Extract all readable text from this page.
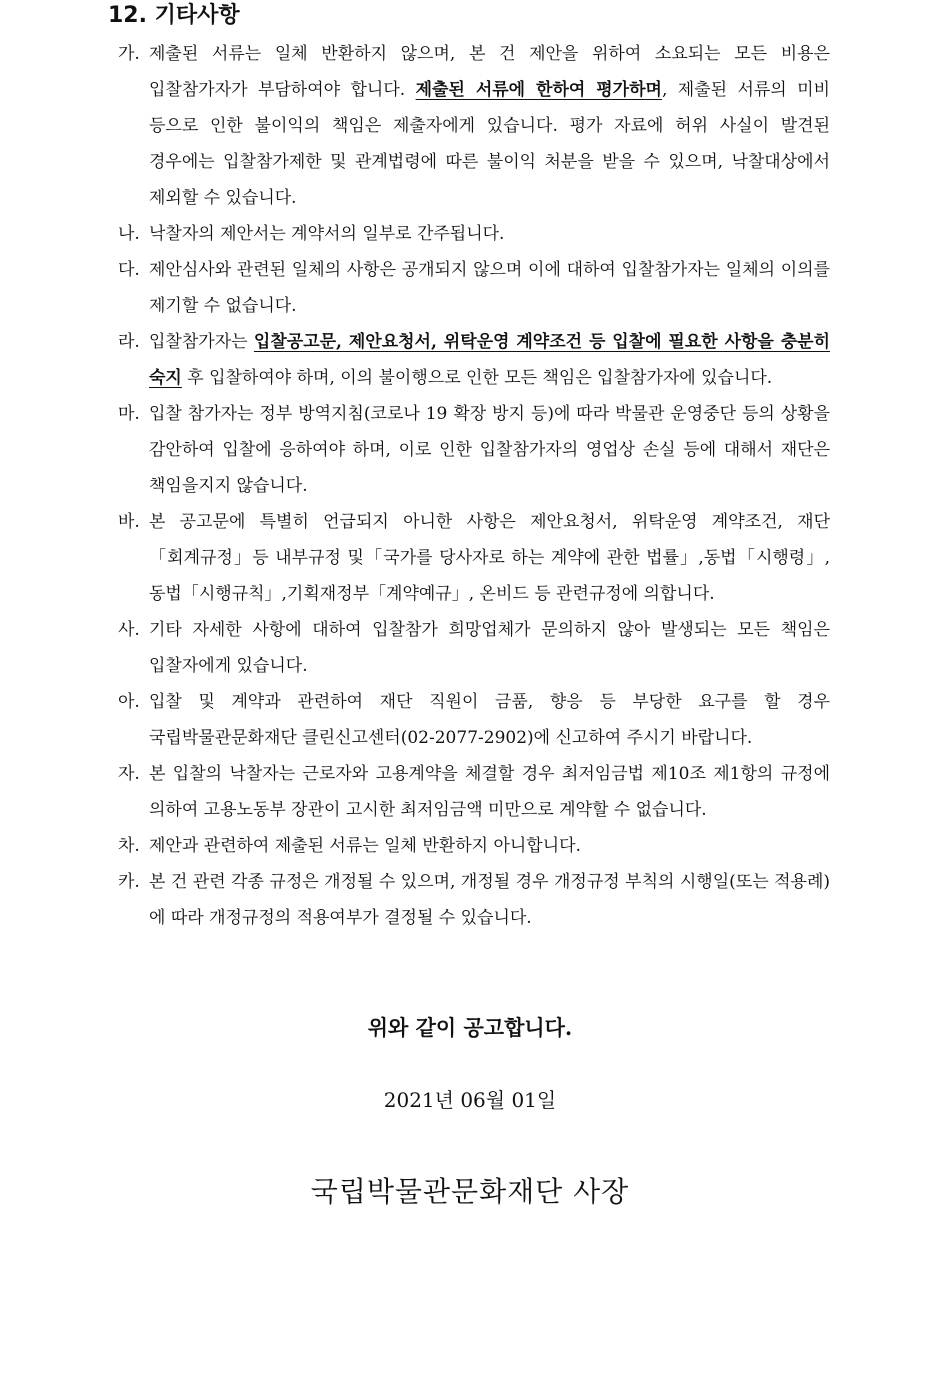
12. 기타사항
가. 제출된 서류는 일체 반환하지 않으며, 본 건 제안을 위하여 소요되는 모든 비용은 입찰참가자가 부담하여야 합니다. 제출된 서류에 한하여 평가하며, 제출된 서류의 미비 등으로 인한 불이익의 책임은 제출자에게 있습니다. 평가 자료에 허위 사실이 발견된 경우에는 입찰참가제한 및 관계법령에 따른 불이익 처분을 받을 수 있으며, 낙찰대상에서 제외할 수 있습니다.
나. 낙찰자의 제안서는 계약서의 일부로 간주됩니다.
다. 제안심사와 관련된 일체의 사항은 공개되지 않으며 이에 대하여 입찰참가자는 일체의 이의를 제기할 수 없습니다.
라. 입찰참가자는 입찰공고문, 제안요청서, 위탁운영 계약조건 등 입찰에 필요한 사항을 충분히 숙지 후 입찰하여야 하며, 이의 불이행으로 인한 모든 책임은 입찰참가자에 있습니다.
마. 입찰 참가자는 정부 방역지침(코로나 19 확장 방지 등)에 따라 박물관 운영중단 등의 상황을 감안하여 입찰에 응하여야 하며, 이로 인한 입찰참가자의 영업상 손실 등에 대해서 재단은 책임을지지 않습니다.
바. 본 공고문에 특별히 언급되지 아니한 사항은 제안요청서, 위탁운영 계약조건, 재단 「회계규정」등 내부규정 및「국가를 당사자로 하는 계약에 관한 법률」,동법「시행령」,동법「시행규칙」,기획재정부「계약예규」, 온비드 등 관련규정에 의합니다.
사. 기타 자세한 사항에 대하여 입찰참가 희망업체가 문의하지 않아 발생되는 모든 책임은 입찰자에게 있습니다.
아. 입찰 및 계약과 관련하여 재단 직원이 금품, 향응 등 부당한 요구를 할 경우 국립박물관문화재단 클린신고센터(02-2077-2902)에 신고하여 주시기 바랍니다.
자. 본 입찰의 낙찰자는 근로자와 고용계약을 체결할 경우 최저임금법 제10조 제1항의 규정에 의하여 고용노동부 장관이 고시한 최저임금액 미만으로 계약할 수 없습니다.
차. 제안과 관련하여 제출된 서류는 일체 반환하지 아니합니다.
카. 본 건 관련 각종 규정은 개정될 수 있으며, 개정될 경우 개정규정 부칙의 시행일(또는 적용례)에 따라 개정규정의 적용여부가 결정될 수 있습니다.

위와 같이 공고합니다.

2021년 06월 01일

국립박물관문화재단 사장
